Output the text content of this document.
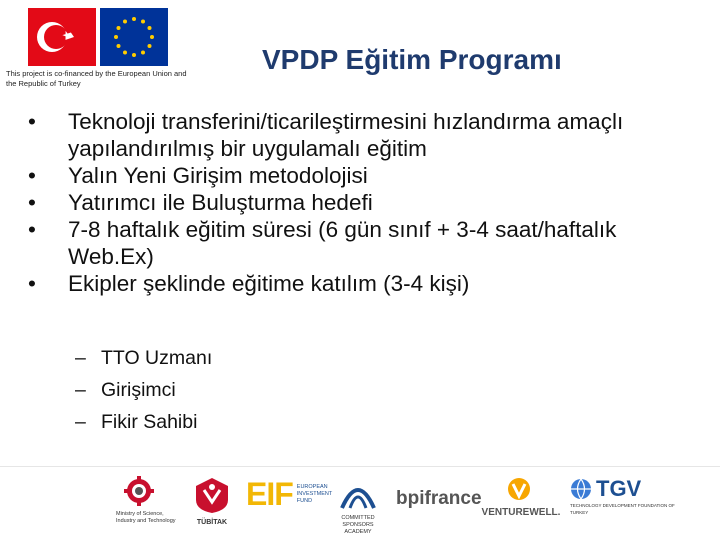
This project is co-financed by the European Union and the Republic of Turkey
VPDP Eğitim Programı
•	Teknoloji transferini/ticarileştirmesini hızlandırma amaçlı yapılandırılmış bir uygulamalı eğitim
•	Yalın Yeni Girişim metodolojisi
•	Yatırımcı ile Buluşturma hedefi
•	7-8 haftalık eğitim süresi (6 gün sınıf + 3-4 saat/haftalık Web.Ex)
•	Ekipler şeklinde eğitime katılım (3-4 kişi)
– TTO Uzmanı
– Girişimci
– Fikir Sahibi
Ministry of Science, Industry and Technology	TÜBİTAK
EIF EUROPEAN INVESTMENT FUND
COMMITTED SPONSORS ACADEMY
bpifrance
VENTUREWELL.
TGV
TECHNOLOGY DEVELOPMENT FOUNDATION OF TURKEY
